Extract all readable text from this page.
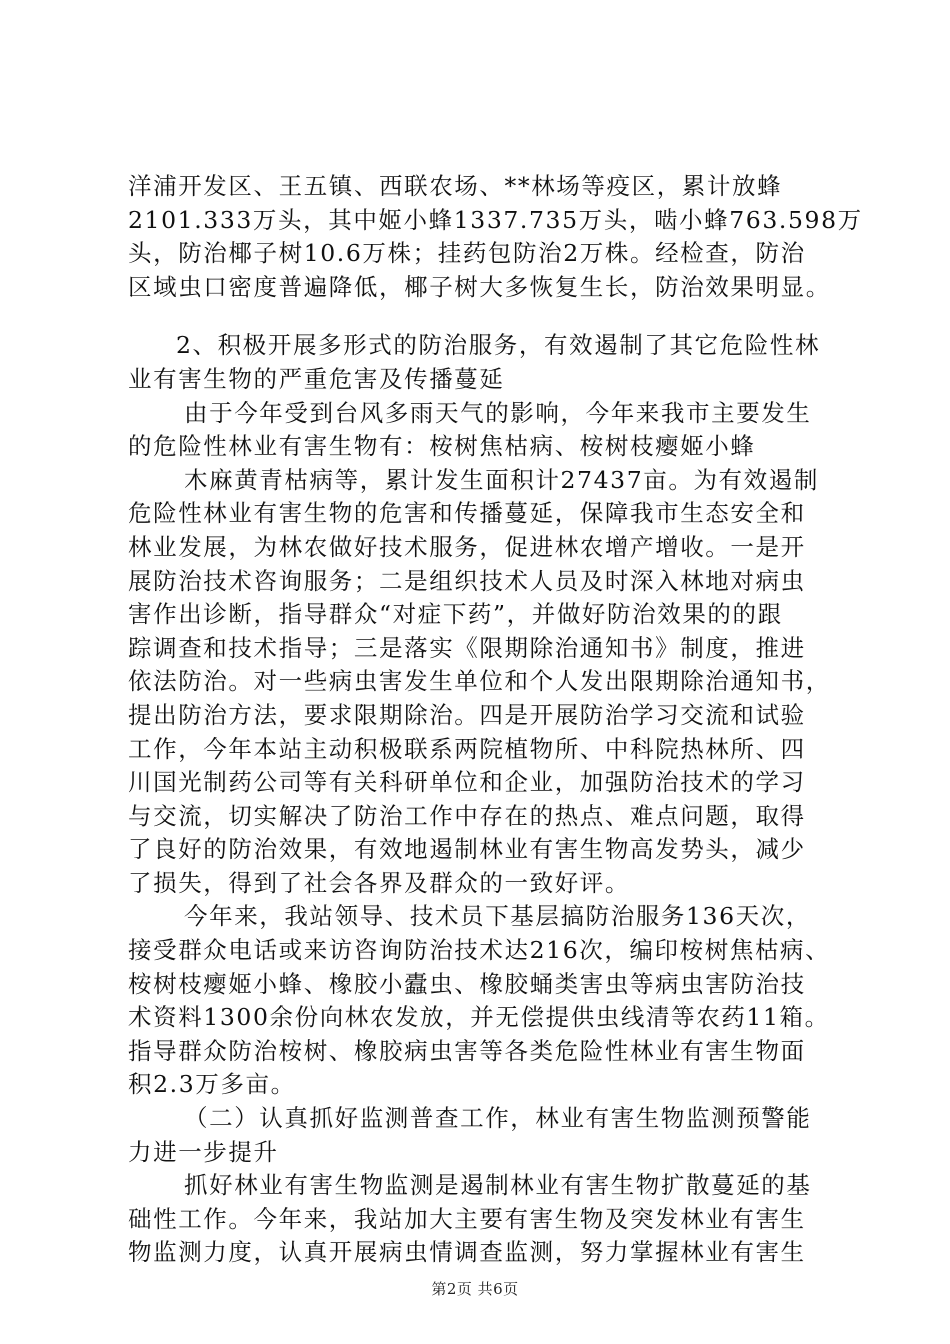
洋浦开发区、王五镇、西联农场、**林场等疫区，累计放蜂
2101.333万头，其中姬小蜂1337.735万头，啮小蜂763.598万
头，防治椰子树10.6万株；挂药包防治2万株。经检查，防治
区域虫口密度普遍降低，椰子树大多恢复生长，防治效果明显。
2、积极开展多形式的防治服务，有效遏制了其它危险性林
业有害生物的严重危害及传播蔓延
由于今年受到台风多雨天气的影响，今年来我市主要发生
的危险性林业有害生物有：桉树焦枯病、桉树枝瘿姬小蜂
木麻黄青枯病等，累计发生面积计27437亩。为有效遏制
危险性林业有害生物的危害和传播蔓延，保障我市生态安全和
林业发展，为林农做好技术服务，促进林农增产增收。一是开
展防治技术咨询服务；二是组织技术人员及时深入林地对病虫
害作出诊断，指导群众“对症下药”，并做好防治效果的的跟
踪调查和技术指导；三是落实《限期除治通知书》制度，推进
依法防治。对一些病虫害发生单位和个人发出限期除治通知书，
提出防治方法，要求限期除治。四是开展防治学习交流和试验
工作，今年本站主动积极联系两院植物所、中科院热林所、四
川国光制药公司等有关科研单位和企业，加强防治技术的学习
与交流，切实解决了防治工作中存在的热点、难点问题，取得
了良好的防治效果，有效地遏制林业有害生物高发势头，减少
了损失，得到了社会各界及群众的一致好评。
今年来，我站领导、技术员下基层搞防治服务136天次，
接受群众电话或来访咨询防治技术达216次，编印桉树焦枯病、
桉树枝瘿姬小蜂、橡胶小蠹虫、橡胶蛹类害虫等病虫害防治技
术资料1300余份向林农发放，并无偿提供虫线清等农药11箱。
指导群众防治桉树、橡胶病虫害等各类危险性林业有害生物面
积2.3万多亩。
（二）认真抓好监测普查工作，林业有害生物监测预警能
力进一步提升
抓好林业有害生物监测是遏制林业有害生物扩散蔓延的基
础性工作。今年来，我站加大主要有害生物及突发林业有害生
物监测力度，认真开展病虫情调查监测，努力掌握林业有害生
第2页 共6页
